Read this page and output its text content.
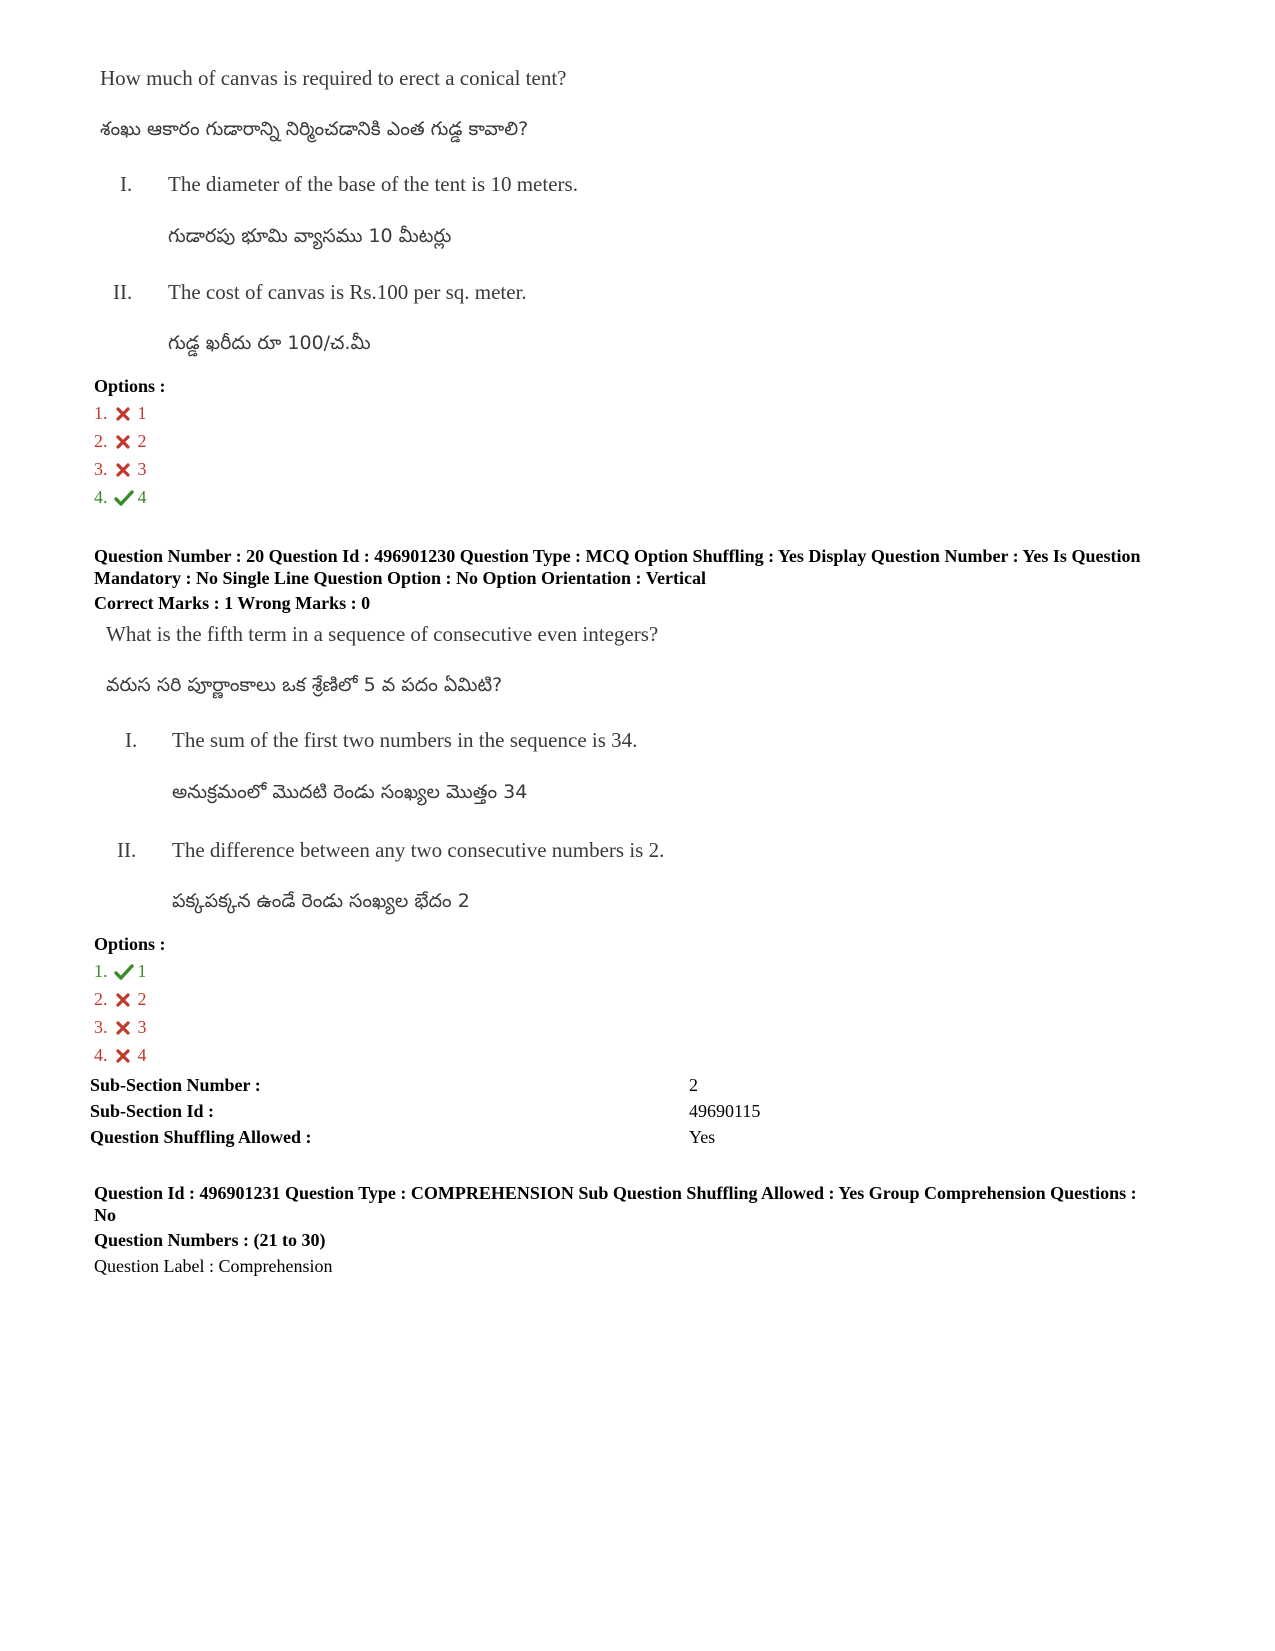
How much of canvas is required to erect a conical tent?
శంఖు ఆకారం గుడారాన్ని నిర్మించడానికి ఎంత గుడ్డ కావాలి?
I. The diameter of the base of the tent is 10 meters.
గుడారపు భూమి వ్యాసము 10 మీటర్లు
II. The cost of canvas is Rs.100 per sq. meter.
గుడ్డ ఖరీదు రూ 100/చ.మీ
Options :
1. 1
2. 2
3. 3
4. 4
Question Number : 20 Question Id : 496901230 Question Type : MCQ Option Shuffling : Yes Display Question Number : Yes Is Question Mandatory : No Single Line Question Option : No Option Orientation : Vertical
Correct Marks : 1 Wrong Marks : 0
What is the fifth term in a sequence of consecutive even integers?
వరుస సరి పూర్ణాంకాలు ఒక శ్రేణిలో 5 వ పదం ఏమిటి?
I. The sum of the first two numbers in the sequence is 34.
అనుక్రమంలో మొదటి రెండు సంఖ్యల మొత్తం 34
II. The difference between any two consecutive numbers is 2.
పక్కపక్కన ఉండే రెండు సంఖ్యల భేదం 2
Options :
1. 1
2. 2
3. 3
4. 4
Sub-Section Number :	2
Sub-Section Id :	49690115
Question Shuffling Allowed :	Yes
Question Id : 496901231 Question Type : COMPREHENSION Sub Question Shuffling Allowed : Yes Group Comprehension Questions : No
Question Numbers : (21 to 30)
Question Label : Comprehension
